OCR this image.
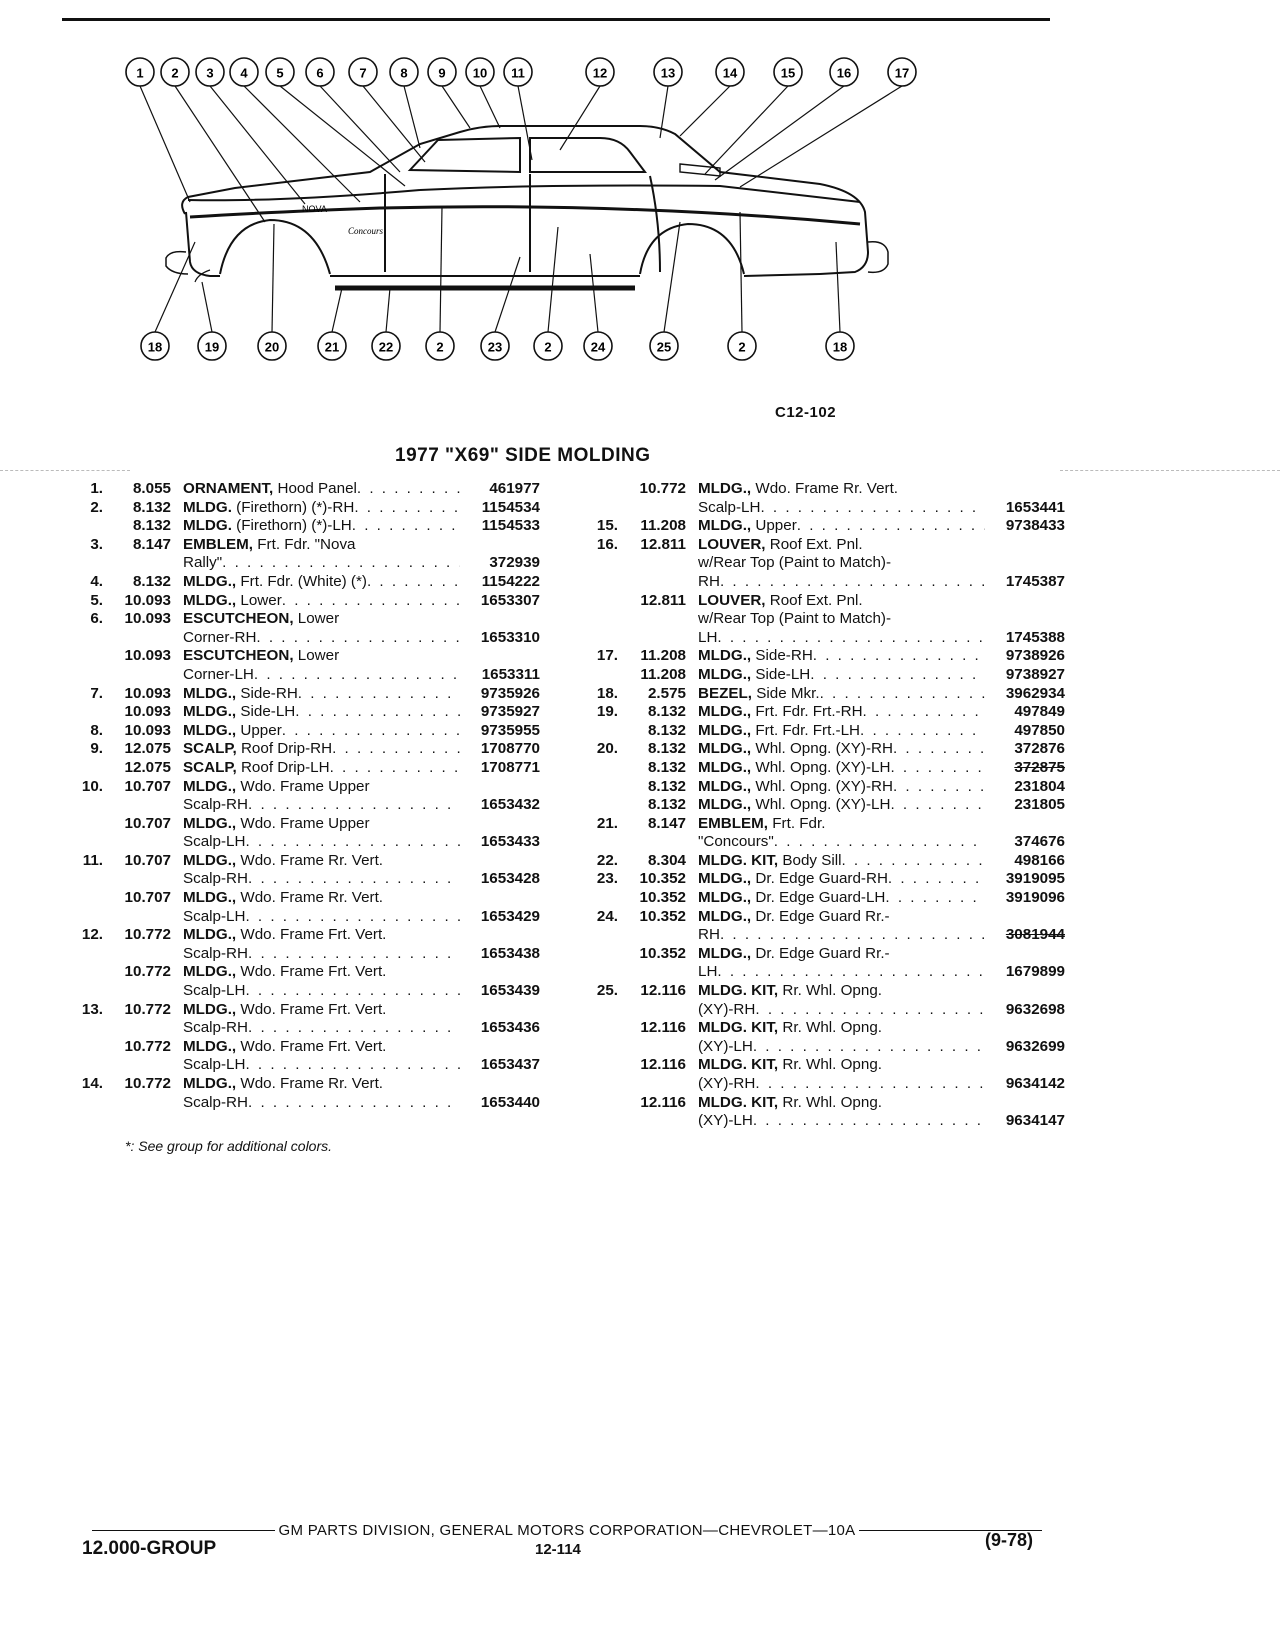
NOVA
Concours
1 2 3 4 5	6	7	8 9 10 11	12	13	14	15	16	17
18	19	20	21	22	2	23	2	24	25	2	18
C12-102
1977 "X69" SIDE MOLDING
1.	8.055 ORNAMENT, Hood Panel . . .	461977
2.	8.132 MLDG. (Firethorn) (*)-RH . . .	1154534
8.132 MLDG. (Firethorn) (*)-LH . . .	1154533
3.	8.147 EMBLEM, Frt. Fdr. "Nova
Rally" . . .	372939
4.	8.132 MLDG., Frt. Fdr. (White) (*) . . .	1154222
5.	10.093 MLDG., Lower . . .	1653307
6.	10.093 ESCUTCHEON, Lower
Corner-RH . . .	1653310
10.093 ESCUTCHEON, Lower
Corner-LH . . .	1653311
7.	10.093 MLDG., Side-RH . . .	9735926
10.093 MLDG., Side-LH . . .	9735927
8.	10.093 MLDG., Upper . . .	9735955
9.	12.075 SCALP, Roof Drip-RH . . .	1708770
12.075 SCALP, Roof Drip-LH . . .	1708771
10.	10.707 MLDG., Wdo. Frame Upper
Scalp-RH . . .	1653432
10.707 MLDG., Wdo. Frame Upper
Scalp-LH . . .	1653433
11.	10.707 MLDG., Wdo. Frame Rr. Vert.
Scalp-RH . . .	1653428
10.707 MLDG., Wdo. Frame Rr. Vert.
Scalp-LH . . .	1653429
12.	10.772 MLDG., Wdo. Frame Frt. Vert.
Scalp-RH . . .	1653438
10.772 MLDG., Wdo. Frame Frt. Vert.
Scalp-LH . . .	1653439
13.	10.772 MLDG., Wdo. Frame Frt. Vert.
Scalp-RH . . .	1653436
10.772 MLDG., Wdo. Frame Frt. Vert.
Scalp-LH . . .	1653437
14.	10.772 MLDG., Wdo. Frame Rr. Vert.
Scalp-RH . . .	1653440
10.772 MLDG., Wdo. Frame Rr. Vert.
Scalp-LH . . .	1653441
15.	11.208 MLDG., Upper . . .	9738433
16.	12.811 LOUVER, Roof Ext. Pnl.
w/Rear Top (Paint to Match)-
RH . . .	1745387
12.811 LOUVER, Roof Ext. Pnl.
w/Rear Top (Paint to Match)-
LH . . .	1745388
17.	11.208 MLDG., Side-RH . . .	9738926
11.208 MLDG., Side-LH . . .	9738927
18.	2.575 BEZEL, Side Mkr. . . .	3962934
19.	8.132 MLDG., Frt. Fdr. Frt.-RH . . .	497849
8.132 MLDG., Frt. Fdr. Frt.-LH . . .	497850
20.	8.132 MLDG., Whl. Opng. (XY)-RH . . .	372876
8.132 MLDG., Whl. Opng. (XY)-LH . . .	372875
8.132 MLDG., Whl. Opng. (XY)-RH . . .	231804
8.132 MLDG., Whl. Opng. (XY)-LH . . .	231805
21.	8.147 EMBLEM, Frt. Fdr.
"Concours" . . .	374676
22.	8.304 MLDG. KIT, Body Sill . . .	498166
23.	10.352 MLDG., Dr. Edge Guard-RH . . .	3919095
10.352 MLDG., Dr. Edge Guard-LH . . .	3919096
24.	10.352 MLDG., Dr. Edge Guard Rr.-
RH . . .	3081944
10.352 MLDG., Dr. Edge Guard Rr.-
LH . . .	1679899
25.	12.116 MLDG. KIT, Rr. Whl. Opng.
(XY)-RH . . .	9632698
12.116 MLDG. KIT, Rr. Whl. Opng.
(XY)-LH . . .	9632699
12.116 MLDG. KIT, Rr. Whl. Opng.
(XY)-RH . . .	9634142
12.116 MLDG. KIT, Rr. Whl. Opng.
(XY)-LH . . .	9634147
*: See group for additional colors.
GM PARTS DIVISION, GENERAL MOTORS CORPORATION—CHEVROLET—10A
12.000-GROUP	12-114	(9-78)
